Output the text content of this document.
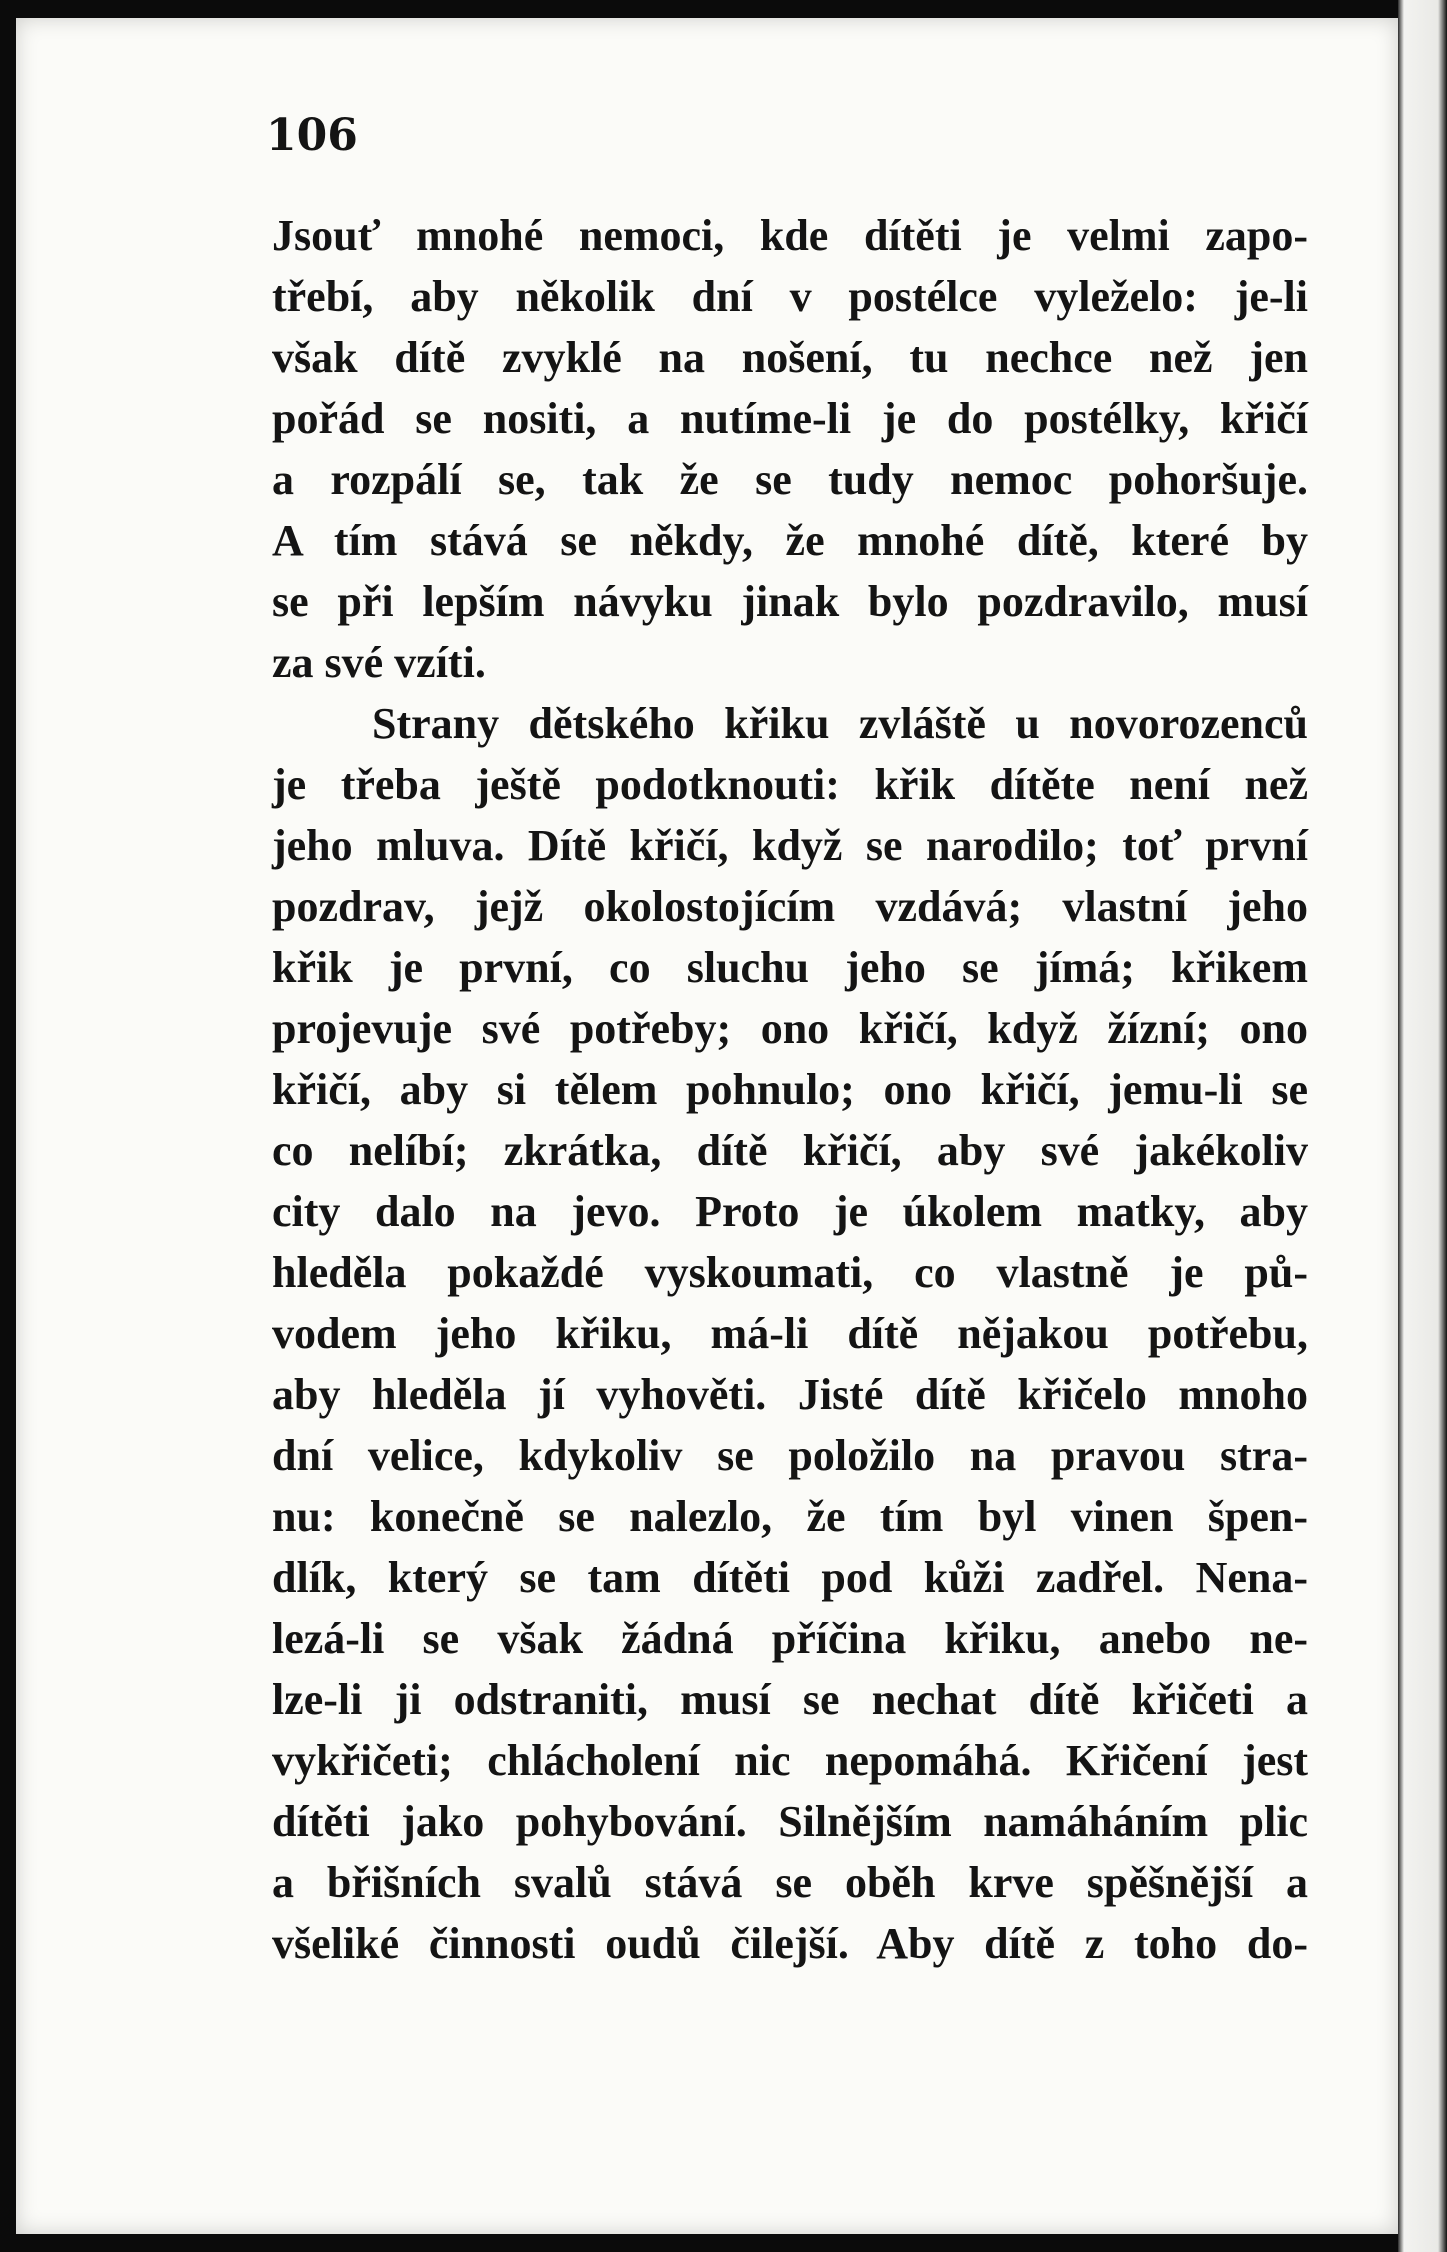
106

Jsouť mnohé nemoci, kde dítěti je velmi zapo-
třebí, aby několik dní v postélce vyleželo: je-li
však dítě zvyklé na nošení, tu nechce než jen
pořád se nositi, a nutíme-li je do postélky, křičí
a rozpálí se, tak že se tudy nemoc pohoršuje.
A tím stává se někdy, že mnohé dítě, které by
se při lepším návyku jinak bylo pozdravilo, musí
za své vzíti.
Strany dětského křiku zvláště u novorozenců
je třeba ještě podotknouti: křik dítěte není než
jeho mluva. Dítě křičí, když se narodilo; toť první
pozdrav, jejž okolostojícím vzdává; vlastní jeho
křik je první, co sluchu jeho se jímá; křikem
projevuje své potřeby; ono křičí, když žízní; ono
křičí, aby si tělem pohnulo; ono křičí, jemu-li se
co nelíbí; zkrátka, dítě křičí, aby své jakékoliv
city dalo na jevo. Proto je úkolem matky, aby
hleděla pokaždé vyskoumati, co vlastně je pů-
vodem jeho křiku, má-li dítě nějakou potřebu,
aby hleděla jí vyhověti. Jisté dítě křičelo mnoho
dní velice, kdykoliv se položilo na pravou stra-
nu: konečně se nalezlo, že tím byl vinen špen-
dlík, který se tam dítěti pod kůži zadřel. Nena-
lezá-li se však žádná příčina křiku, anebo ne-
lze-li ji odstraniti, musí se nechat dítě křičeti a
vykřičeti; chlácholení nic nepomáhá. Křičení jest
dítěti jako pohybování. Silnějším namáháním plic
a břišních svalů stává se oběh krve spěšnější a
všeliké činnosti oudů čilejší. Aby dítě z toho do-
